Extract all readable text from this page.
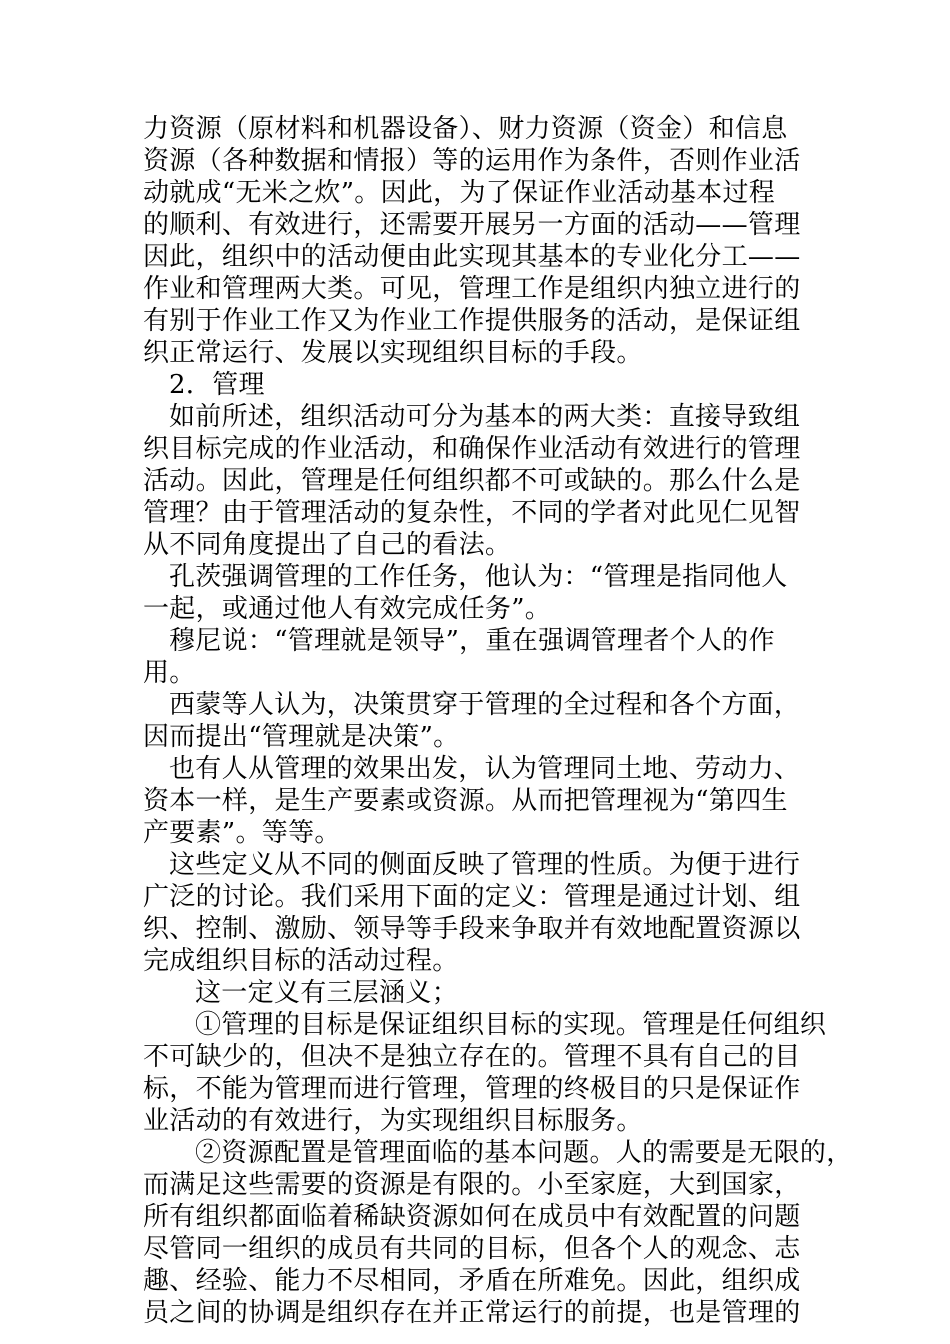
力资源（原材料和机器设备）、财力资源（资金）和信息
资源（各种数据和情报）等的运用作为条件，否则作业活
动就成“无米之炊”。因此，为了保证作业活动基本过程
的顺利、有效进行，还需要开展另一方面的活动——管理
因此，组织中的活动便由此实现其基本的专业化分工——
作业和管理两大类。可见，管理工作是组织内独立进行的
有别于作业工作又为作业工作提供服务的活动，是保证组
织正常运行、发展以实现组织目标的手段。
2．管理
如前所述，组织活动可分为基本的两大类：直接导致组
织目标完成的作业活动，和确保作业活动有效进行的管理
活动。因此，管理是任何组织都不可或缺的。那么什么是
管理？由于管理活动的复杂性，不同的学者对此见仁见智
从不同角度提出了自己的看法。
孔茨强调管理的工作任务，他认为：“管理是指同他人
一起，或通过他人有效完成任务”。
穆尼说：“管理就是领导”，重在强调管理者个人的作
用。
西蒙等人认为，决策贯穿于管理的全过程和各个方面，
因而提出“管理就是决策”。
也有人从管理的效果出发，认为管理同土地、劳动力、
资本一样，是生产要素或资源。从而把管理视为“第四生
产要素”。等等。
这些定义从不同的侧面反映了管理的性质。为便于进行
广泛的讨论。我们采用下面的定义：管理是通过计划、组
织、控制、激励、领导等手段来争取并有效地配置资源以
完成组织目标的活动过程。
这一定义有三层涵义；
①管理的目标是保证组织目标的实现。管理是任何组织
不可缺少的，但决不是独立存在的。管理不具有自己的目
标，不能为管理而进行管理，管理的终极目的只是保证作
业活动的有效进行，为实现组织目标服务。
②资源配置是管理面临的基本问题。人的需要是无限的，
而满足这些需要的资源是有限的。小至家庭，大到国家，
所有组织都面临着稀缺资源如何在成员中有效配置的问题
尽管同一组织的成员有共同的目标，但各个人的观念、志
趣、经验、能力不尽相同，矛盾在所难免。因此，组织成
员之间的协调是组织存在并正常运行的前提，也是管理的
